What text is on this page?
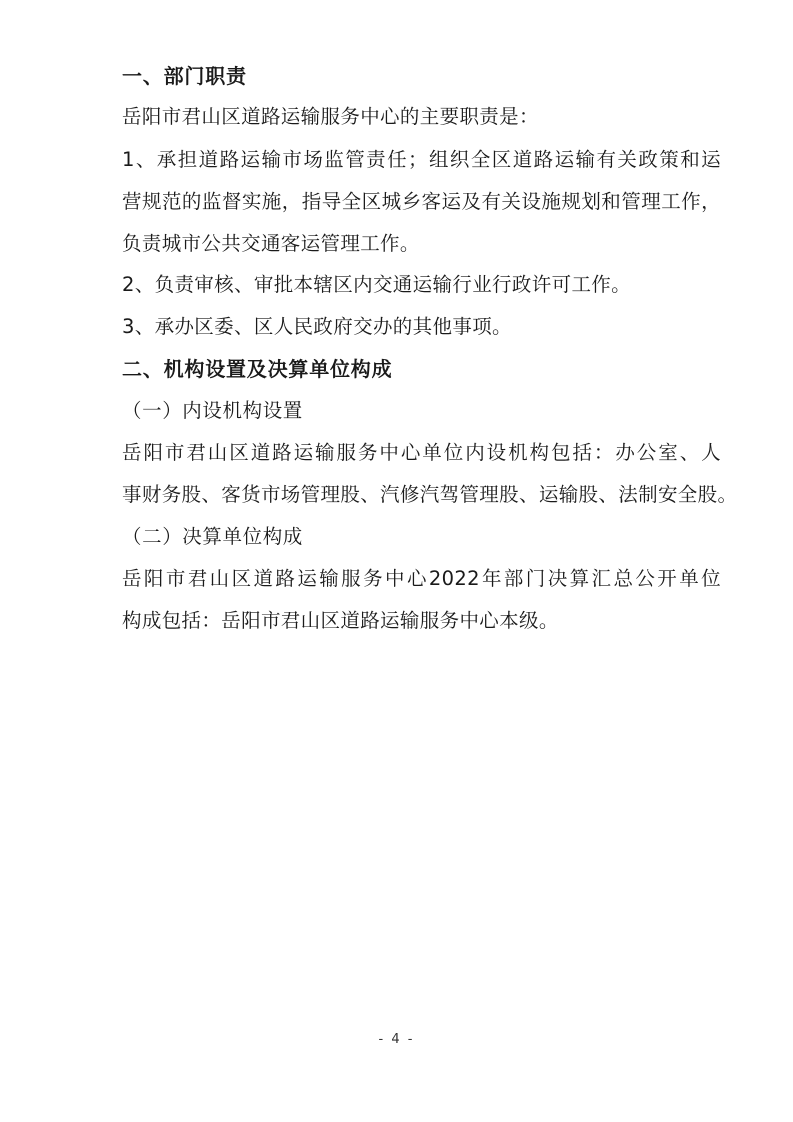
一、部门职责
岳阳市君山区道路运输服务中心的主要职责是：
1、承担道路运输市场监管责任；组织全区道路运输有关政策和运
营规范的监督实施，指导全区城乡客运及有关设施规划和管理工作，
负责城市公共交通客运管理工作。
2、负责审核、审批本辖区内交通运输行业行政许可工作。
3、承办区委、区人民政府交办的其他事项。
二、机构设置及决算单位构成
（一）内设机构设置
岳阳市君山区道路运输服务中心单位内设机构包括：办公室、人
事财务股、客货市场管理股、汽修汽驾管理股、运输股、法制安全股。
（二）决算单位构成
岳阳市君山区道路运输服务中心2022年部门决算汇总公开单位
构成包括：岳阳市君山区道路运输服务中心本级。
- 4 -
